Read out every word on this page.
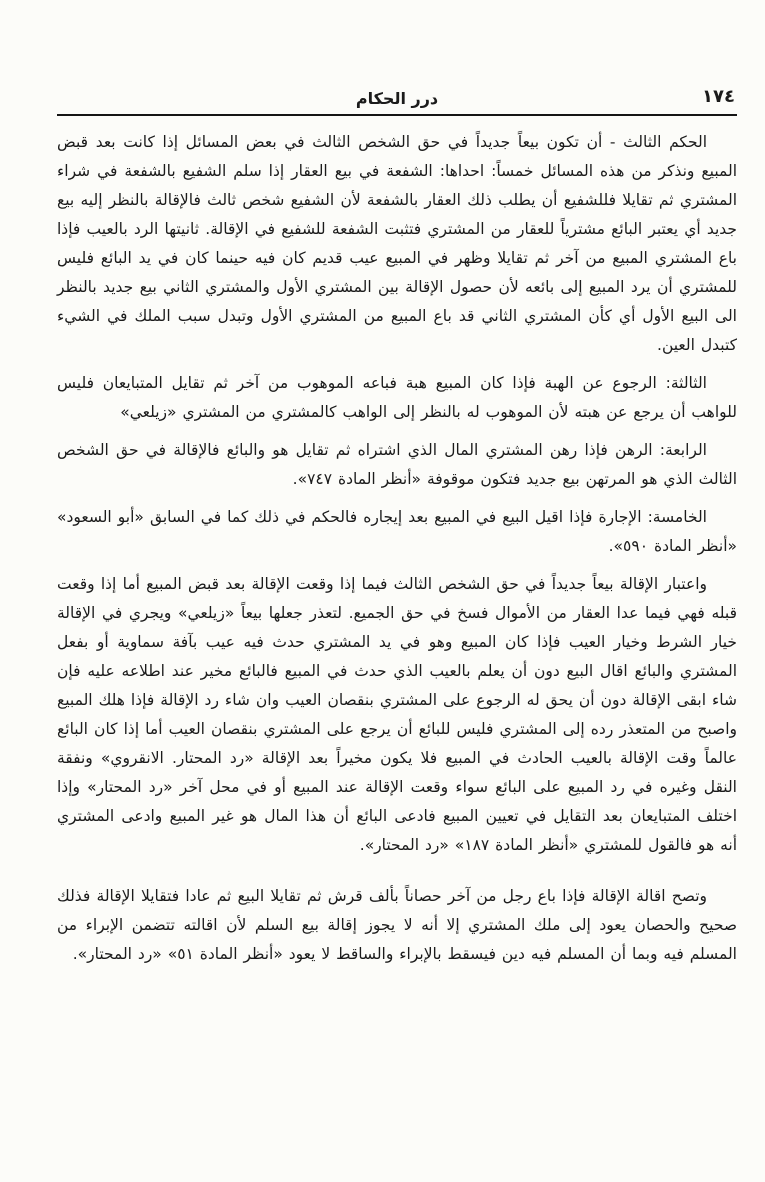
١٧٤
درر الحكام

الحكم الثالث - أن تكون بيعاً جديداً في حق الشخص الثالث في بعض المسائل إذا كانت بعد قبض المبيع ونذكر من هذه المسائل خمساً: احداها: الشفعة في بيع العقار إذا سلم الشفيع بالشفعة في شراء المشتري ثم تقايلا فللشفيع أن يطلب ذلك العقار بالشفعة لأن الشفيع شخص ثالث فالإقالة بالنظر إليه بيع جديد أي يعتبر البائع مشترياً للعقار من المشتري فتثبت الشفعة للشفيع في الإقالة. ثانيتها الرد بالعيب فإذا باع المشتري المبيع من آخر ثم تقايلا وظهر في المبيع عيب قديم كان فيه حينما كان في يد البائع فليس للمشتري أن يرد المبيع إلى بائعه لأن حصول الإقالة بين المشتري الأول والمشتري الثاني بيع جديد بالنظر الى البيع الأول أي كأن المشتري الثاني قد باع المبيع من المشتري الأول وتبدل سبب الملك في الشيء كتبدل العين.

الثالثة: الرجوع عن الهبة فإذا كان المبيع هبة فباعه الموهوب من آخر ثم تقايل المتبايعان فليس للواهب أن يرجع عن هبته لأن الموهوب له بالنظر إلى الواهب كالمشتري من المشتري «زيلعي»

الرابعة: الرهن فإذا رهن المشتري المال الذي اشتراه ثم تقايل هو والبائع فالإقالة في حق الشخص الثالث الذي هو المرتهن بيع جديد فتكون موقوفة «أنظر المادة ٧٤٧».

الخامسة: الإجارة فإذا اقيل البيع في المبيع بعد إيجاره فالحكم في ذلك كما في السابق «أبو السعود» «أنظر المادة ٥٩٠».

واعتبار الإقالة بيعاً جديداً في حق الشخص الثالث فيما إذا وقعت الإقالة بعد قبض المبيع أما إذا وقعت قبله فهي فيما عدا العقار من الأموال فسخ في حق الجميع. لتعذر جعلها بيعاً «زيلعي» ويجري في الإقالة خيار الشرط وخيار العيب فإذا كان المبيع وهو في يد المشتري حدث فيه عيب بآفة سماوية أو بفعل المشتري والبائع اقال البيع دون أن يعلم بالعيب الذي حدث في المبيع فالبائع مخير عند اطلاعه عليه فإن شاء ابقى الإقالة دون أن يحق له الرجوع على المشتري بنقصان العيب وان شاء رد الإقالة فإذا هلك المبيع واصبح من المتعذر رده إلى المشتري فليس للبائع أن يرجع على المشتري بنقصان العيب أما إذا كان البائع عالماً وقت الإقالة بالعيب الحادث في المبيع فلا يكون مخيراً بعد الإقالة «رد المحتار. الانقروي» ونفقة النقل وغيره في رد المبيع على البائع سواء وقعت الإقالة عند المبيع أو في محل آخر «رد المحتار» وإذا اختلف المتبايعان بعد التقايل في تعيين المبيع فادعى البائع أن هذا المال هو غير المبيع وادعى المشتري أنه هو فالقول للمشتري «أنظر المادة ١٨٧» «رد المحتار».

وتصح اقالة الإقالة فإذا باع رجل من آخر حصاناً بألف قرش ثم تقايلا البيع ثم عادا فتقايلا الإقالة فذلك صحيح والحصان يعود إلى ملك المشتري إلا أنه لا يجوز إقالة بيع السلم لأن اقالته تتضمن الإبراء من المسلم فيه وبما أن المسلم فيه دين فيسقط بالإبراء والساقط لا يعود «أنظر المادة ٥١» «رد المحتار».
